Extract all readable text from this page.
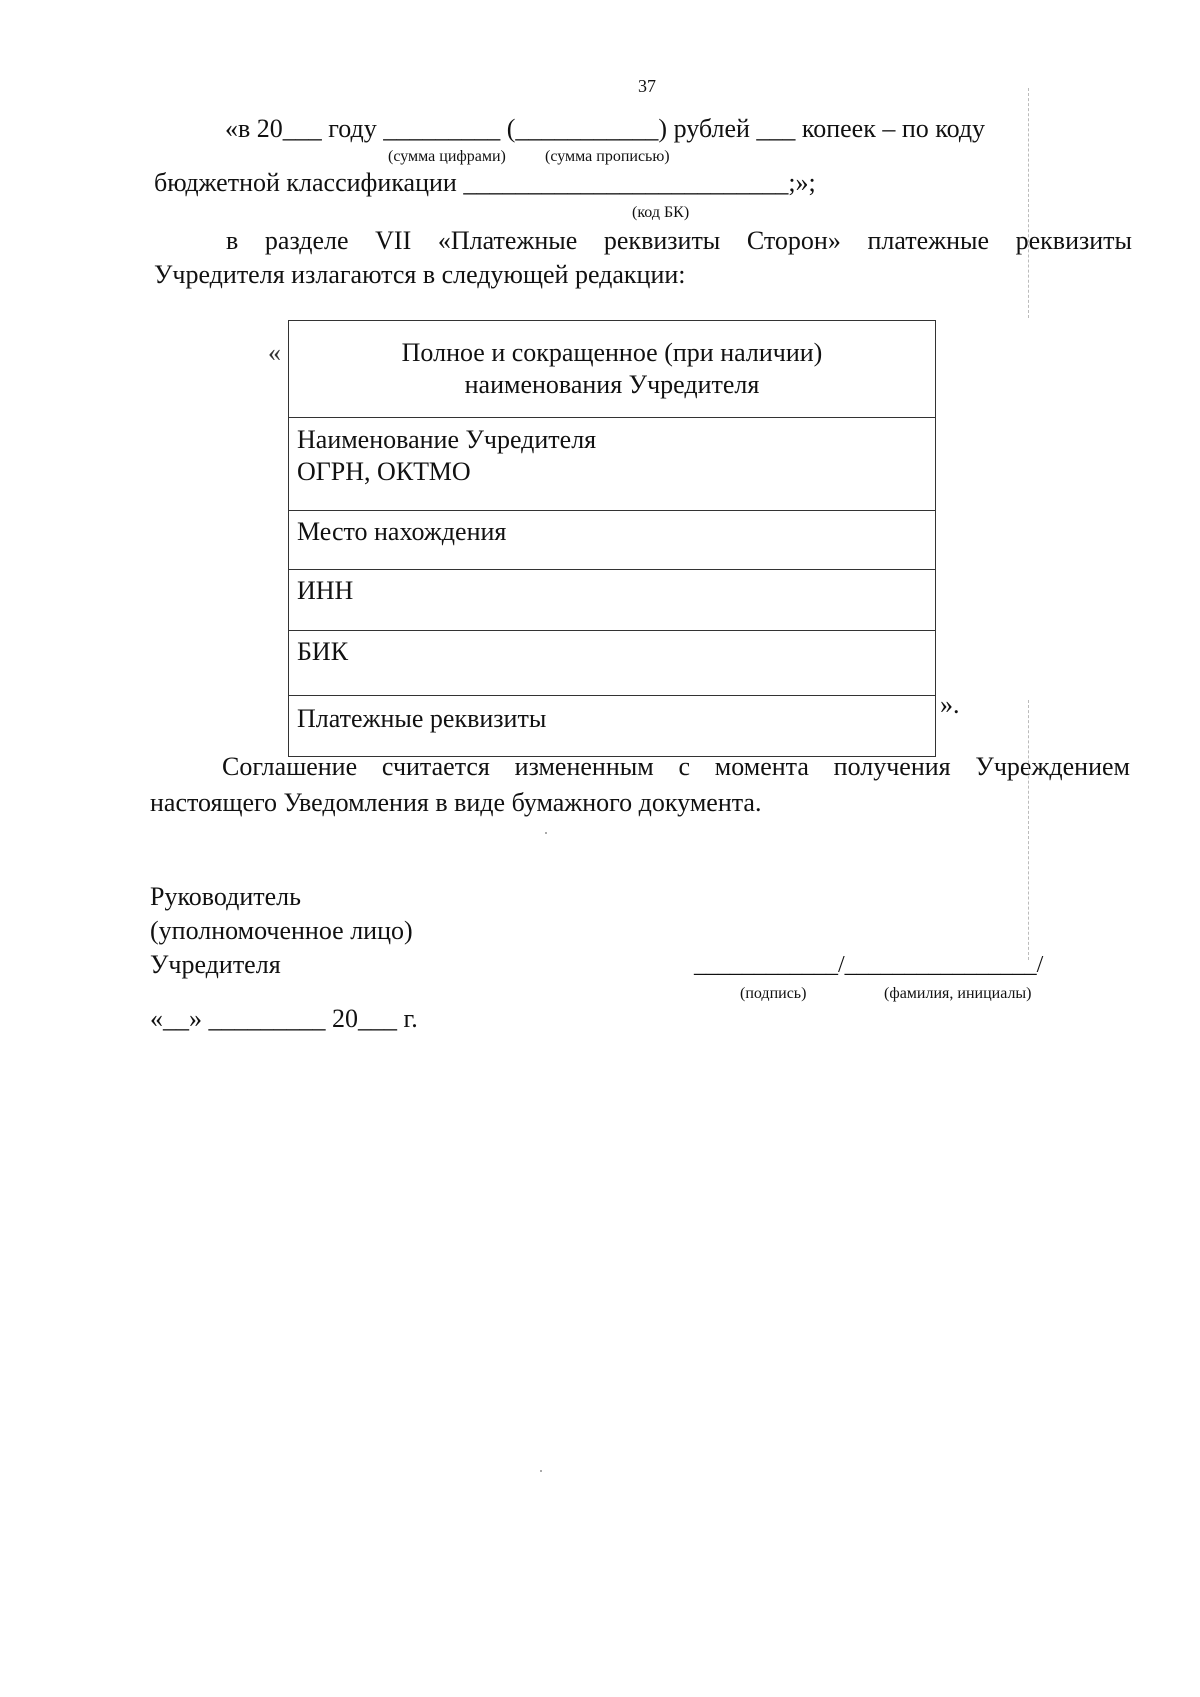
37
«в 20___ году _________ (___________) рублей ___ копеек – по коду
(сумма цифрами) (сумма прописью)
бюджетной классификации _________________________;»;
(код БК)
в разделе VII «Платежные реквизиты Сторон» платежные реквизиты
Учредителя излагаются в следующей редакции:
«	Полное и сокращенное (при наличии)
наименования Учредителя

Наименование Учредителя
ОГРН, ОКТМО

Место нахождения
ИНН
БИК
Платежные реквизиты	».
Соглашение считается измененным с момента получения Учреждением
настоящего Уведомления в виде бумажного документа.
Руководитель
(уполномоченное лицо)
Учредителя	____________/________________/
(подпись)	(фамилия, инициалы)
«__» _________ 20___ г.
